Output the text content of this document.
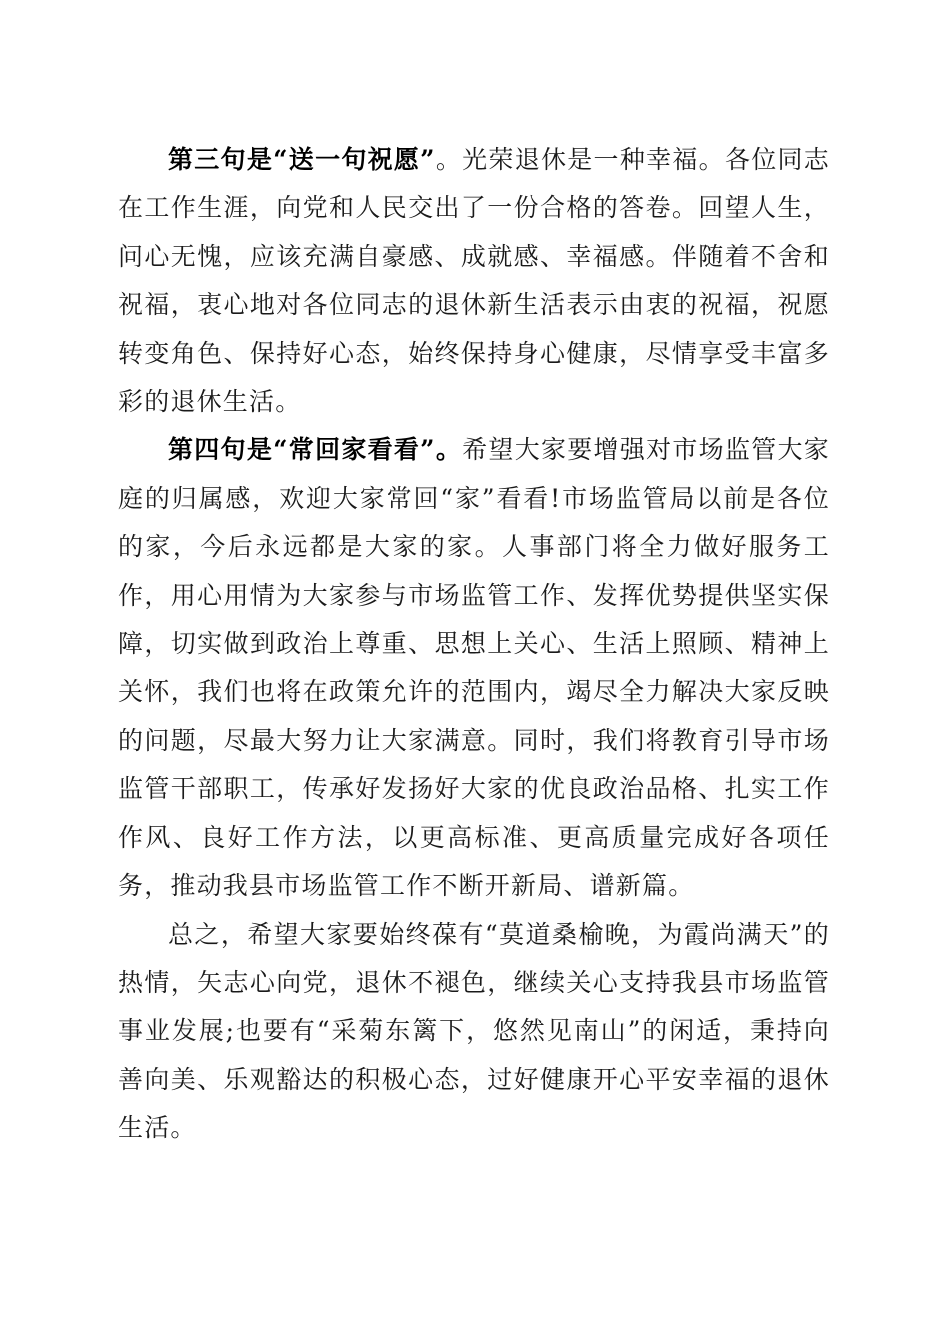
第三句是“送一句祝愿”。光荣退休是一种幸福。各位同志在工作生涯，向党和人民交出了一份合格的答卷。回望人生，问心无愧，应该充满自豪感、成就感、幸福感。伴随着不舍和祝福，衷心地对各位同志的退休新生活表示由衷的祝福，祝愿转变角色、保持好心态，始终保持身心健康，尽情享受丰富多彩的退休生活。

第四句是“常回家看看”。希望大家要增强对市场监管大家庭的归属感，欢迎大家常回“家”看看!市场监管局以前是各位的家，今后永远都是大家的家。人事部门将全力做好服务工作，用心用情为大家参与市场监管工作、发挥优势提供坚实保障，切实做到政治上尊重、思想上关心、生活上照顾、精神上关怀，我们也将在政策允许的范围内，竭尽全力解决大家反映的问题，尽最大努力让大家满意。同时，我们将教育引导市场监管干部职工，传承好发扬好大家的优良政治品格、扎实工作作风、良好工作方法，以更高标准、更高质量完成好各项任务，推动我县市场监管工作不断开新局、谱新篇。

总之，希望大家要始终葆有“莫道桑榆晚，为霞尚满天”的热情，矢志心向党，退休不褪色，继续关心支持我县市场监管事业发展;也要有“采菊东篱下，悠然见南山”的闲适，秉持向善向美、乐观豁达的积极心态，过好健康开心平安幸福的退休生活。
